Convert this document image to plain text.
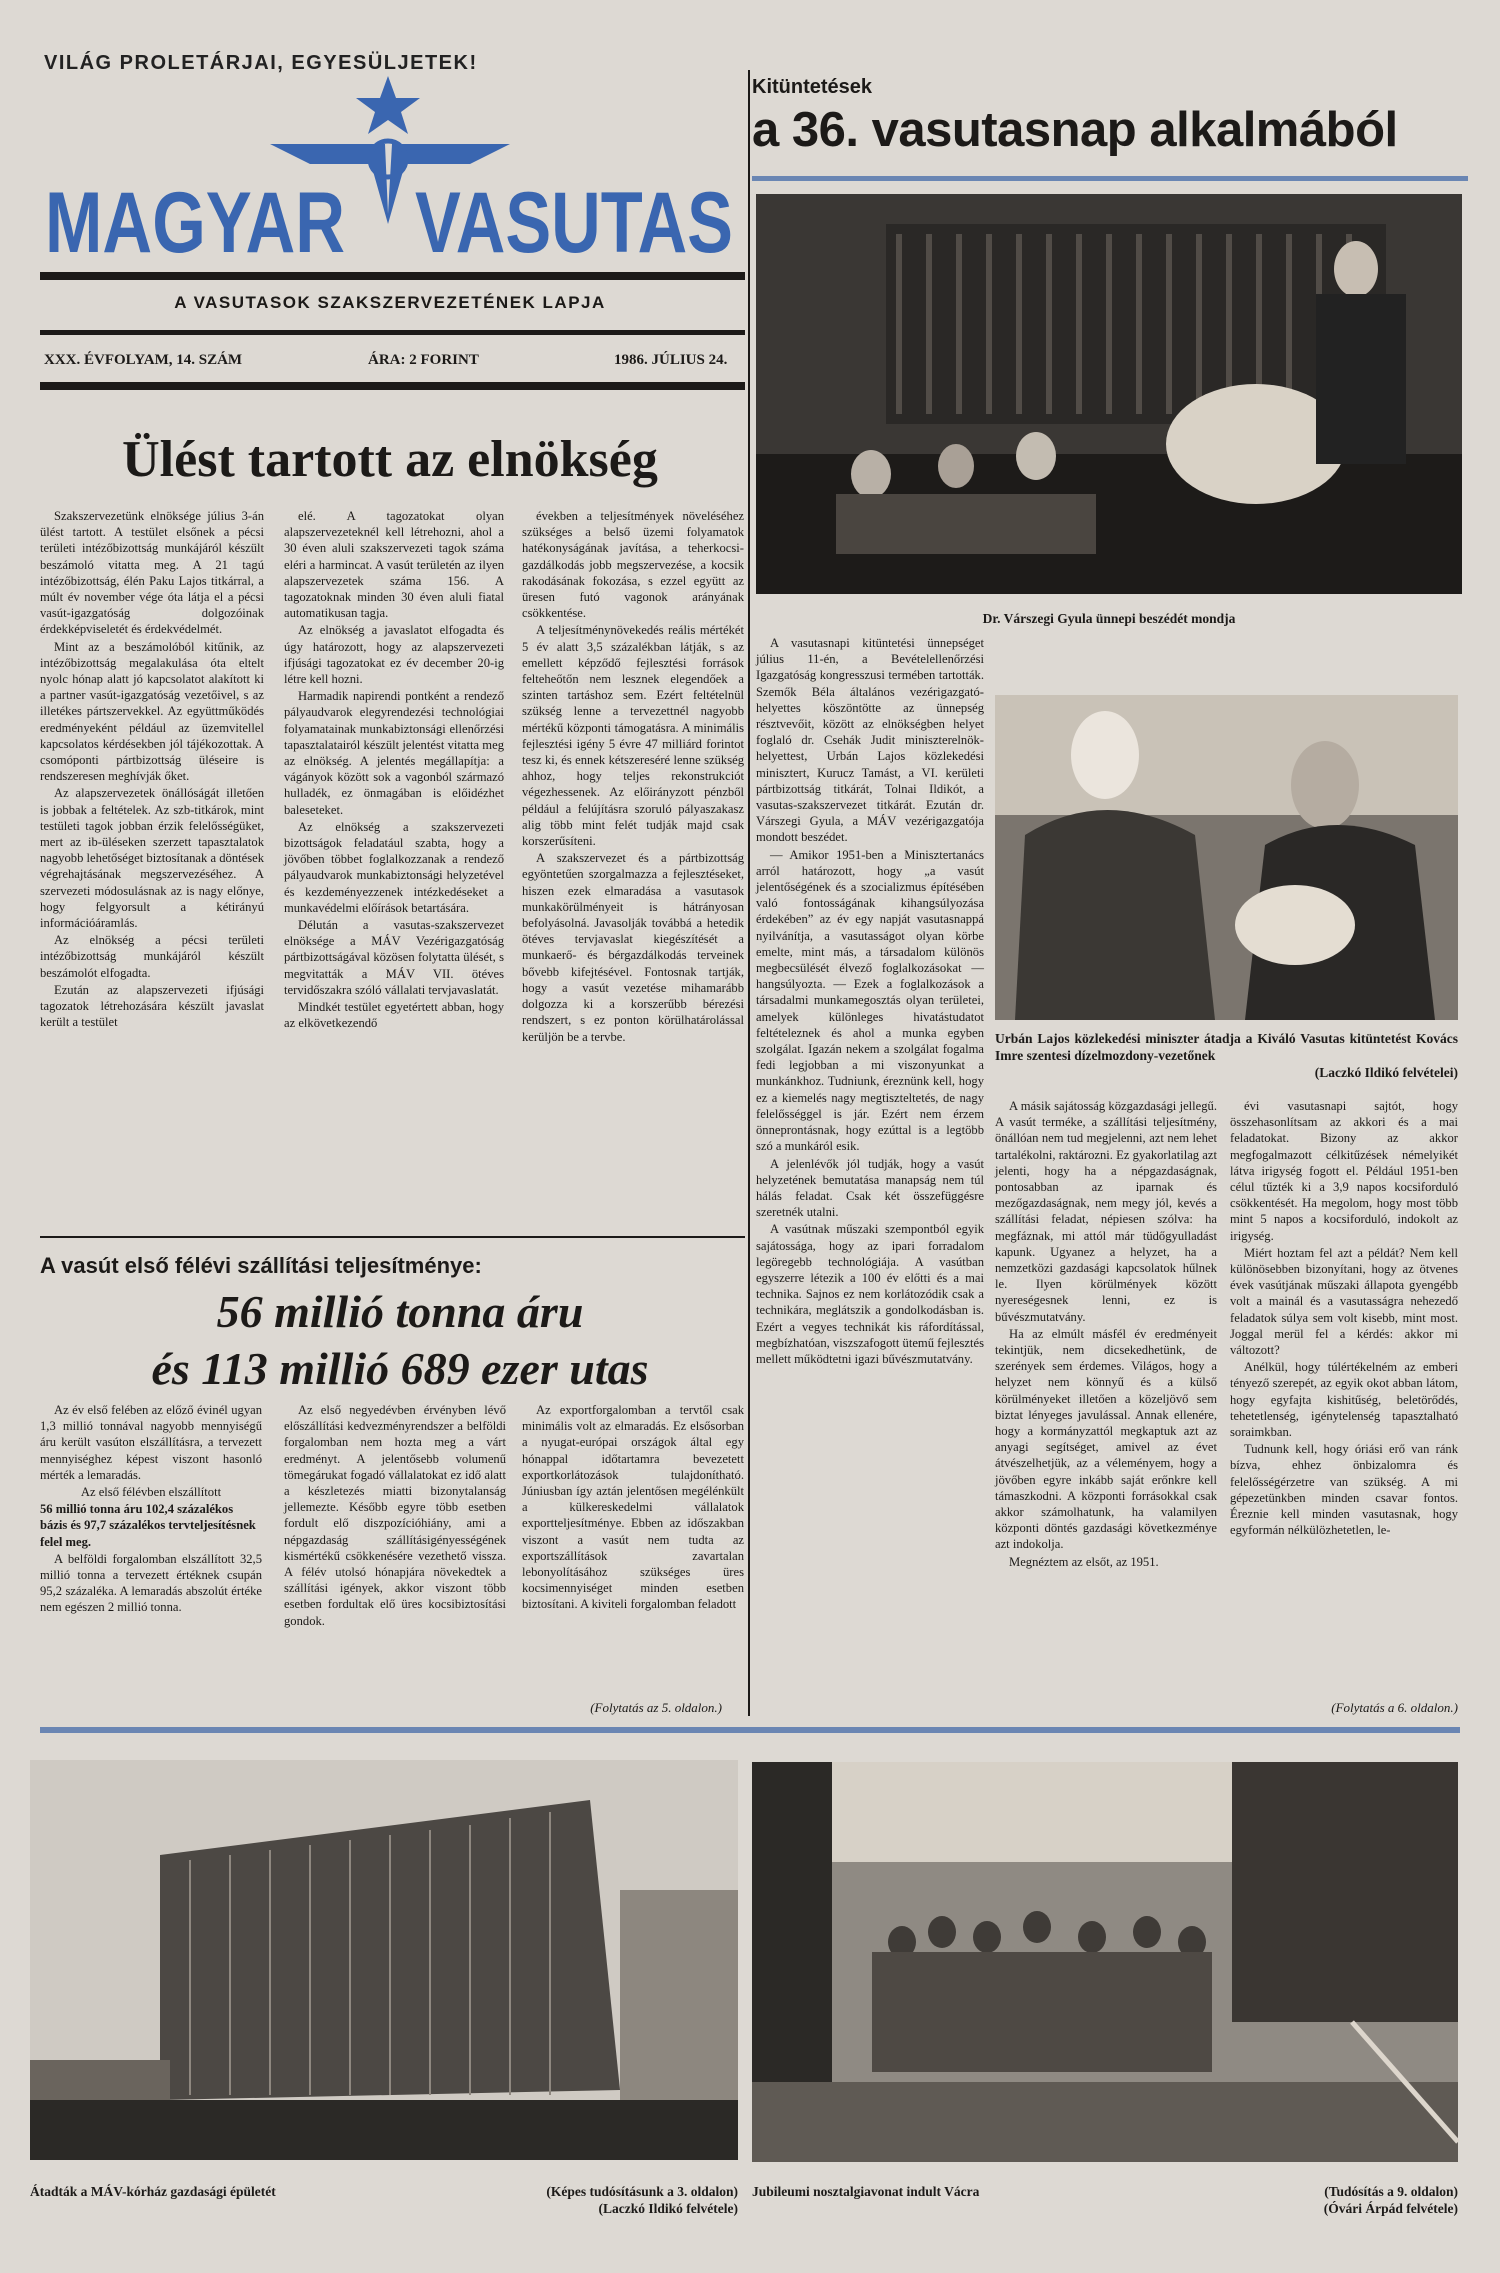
VILÁG PROLETÁRJAI, EGYESÜLJETEK!
MAGYAR VASUTAS
A VASUTASOK SZAKSZERVEZETÉNEK LAPJA
XXX. ÉVFOLYAM, 14. SZÁM	ÁRA: 2 FORINT	1986. JÚLIUS 24.
Ülést tartott az elnökség

Szakszervezetünk elnöksége július 3-án ülést tartott. A testület elsőnek a pécsi területi intézőbizottság munkájáról készült beszámoló vitatta meg. A 21 tagú intézőbizottság, élén Paku Lajos titkárral, a múlt év november vége óta látja el a pécsi vasút-igazgatóság dolgozóinak érdekképviseletét és érdekvédelmét.

Mint az a beszámolóból kitűnik, az intézőbizottság megalakulása óta eltelt nyolc hónap alatt jó kapcsolatot alakított ki a partner vasút-igazgatóság vezetőivel, s az illetékes pártszervekkel. Az együttműködés eredményeként például az üzemvitellel kapcsolatos kérdésekben jól tájékozottak. A csomóponti pártbizottság üléseire is rendszeresen meghívják őket.

Az alapszervezetek önállóságát illetően is jobbak a feltételek. Az szb-titkárok, mint testületi tagok jobban érzik felelősségüket, mert az ib-üléseken szerzett tapasztalatok nagyobb lehetőséget biztosítanak a döntések végrehajtásának megszervezéséhez. A szervezeti módosulásnak az is nagy előnye, hogy felgyorsult a kétirányú információáramlás.

Az elnökség a pécsi területi intézőbizottság munkájáról készült beszámolót elfogadta.

Ezután az alapszervezeti ifjúsági tagozatok létrehozására készült javaslat került a testület

elé. A tagozatokat olyan alapszervezeteknél kell létrehozni, ahol a 30 éven aluli szakszervezeti tagok száma eléri a harmincat. A vasút területén az ilyen alapszervezetek száma 156. A tagozatoknak minden 30 éven aluli fiatal automatikusan tagja.

Az elnökség a javaslatot elfogadta és úgy határozott, hogy az alapszervezeti ifjúsági tagozatokat ez év december 20-ig létre kell hozni.

Harmadik napirendi pontként a rendező pályaudvarok elegyrendezési technológiai folyamatainak munkabiztonsági ellenőrzési tapasztalatairól készült jelentést vitatta meg az elnökség. A jelentés megállapítja: a vágányok között sok a vagonból származó hulladék, ez önmagában is előidézhet baleseteket.

Az elnökség a szakszervezeti bizottságok feladatául szabta, hogy a jövőben többet foglalkozzanak a rendező pályaudvarok munkabiztonsági helyzetével és kezdeményezzenek intézkedéseket a munkavédelmi előírások betartására.

Délután a vasutas-szakszervezet elnöksége a MÁV Vezérigazgatóság pártbizottságával közösen folytatta ülését, s megvitatták a MÁV VII. ötéves tervidőszakra szóló vállalati tervjavaslatát.

Mindkét testület egyetértett abban, hogy az elkövetkezendő

években a teljesítmények növeléséhez szükséges a belső üzemi folyamatok hatékonyságának javítása, a teherkocsi-gazdálkodás jobb megszervezése, a kocsik rakodásának fokozása, s ezzel együtt az üresen futó vagonok arányának csökkentése.

A teljesítménynövekedés reális mértékét 5 év alatt 3,5 százalékban látják, s az emellett képződő fejlesztési források felteheőtőn nem lesznek elegendőek a szinten tartáshoz sem. Ezért feltételnül szükség lenne a tervezettnél nagyobb mértékű központi támogatásra. A minimális fejlesztési igény 5 évre 47 milliárd forintot tesz ki, és ennek kétszereséré lenne szükség ahhoz, hogy teljes rekonstrukciót végezhessenek. Az előirányzott pénzből például a felújításra szoruló pályaszakasz alig több mint felét tudják majd csak korszerűsíteni.

A szakszervezet és a pártbizottság egyöntetűen szorgalmazza a fejlesztéseket, hiszen ezek elmaradása a vasutasok munkakörülményeit is hátrányosan befolyásolná. Javasolják továbbá a hetedik ötéves tervjavaslat kiegészítését a munkaerő- és bérgazdálkodás terveinek bővebb kifejtésével. Fontosnak tartják, hogy a vasút vezetése mihamarább dolgozza ki a korszerűbb bérezési rendszert, s ez ponton körülhatárolással kerüljön be a tervbe.

Kitüntetések
a 36. vasutasnap alkalmából
Dr. Várszegi Gyula ünnepi beszédét mondja

A vasutasnapi kitüntetési ünnepséget július 11-én, a Bevételellenőrzési Igazgatóság kongresszusi termében tartották. Szemők Béla általános vezérigazgató-helyettes köszöntötte az ünnepség résztvevőit, között az elnökségben helyet foglaló dr. Csehák Judit miniszterelnök-helyettest, Urbán Lajos közlekedési minisztert, Kurucz Tamást, a VI. kerületi pártbizottság titkárát, Tolnai Ildikót, a vasutas-szakszervezet titkárát. Ezután dr. Várszegi Gyula, a MÁV vezérigazgatója mondott beszédet.

— Amikor 1951-ben a Minisztertanács arról határozott, hogy „a vasút jelentőségének és a szocializmus építésében való fontosságának kihangsúlyozása érdekében” az év egy napját vasutasnappá nyilvánítja, a vasutasságot olyan körbe emelte, mint más, a társadalom különös megbecsülését élvező foglalkozásokat — hangsúlyozta. — Ezek a foglalkozások a társadalmi munkamegosztás olyan területei, amelyek különleges hivatástudatot feltételeznek és ahol a munka egyben szolgálat. Igazán nekem a szolgálat fogalma fedi legjobban a mi viszonyunkat a munkánkhoz. Tudniunk, éreznünk kell, hogy ez a kiemelés nagy megtiszteltetés, de nagy felelősséggel is jár. Ezért nem érzem önneprontásnak, hogy ezúttal is a legtöbb szó a munkáról esik.

A jelenlévők jól tudják, hogy a vasút helyzetének bemutatása manapság nem túl hálás feladat. Csak két összefüggésre szeretnék utalni.

A vasútnak műszaki szempontból egyik sajátossága, hogy az ipari forradalom legöregebb technológiája. A vasútban egyszerre létezik a 100 év előtti és a mai technika. Sajnos ez nem korlátozódik csak a technikára, meglátszik a gondolkodásban is. Ezért a vegyes technikát kis ráfordítással, megbízhatóan, viszszafogott ütemű fejlesztés mellett működtetni igazi bűvészmutatvány.

Urbán Lajos közlekedési miniszter átadja a Kiváló Vasutas kitüntetést Kovács Imre szentesi dízelmozdony-vezetőnek
(Laczkó Ildikó felvételei)

A másik sajátosság közgazdasági jellegű. A vasút terméke, a szállítási teljesítmény, önállóan nem tud megjelenni, azt nem lehet tartalékolni, raktározni. Ez gyakorlatilag azt jelenti, hogy ha a népgazdaságnak, pontosabban az iparnak és mezőgazdaságnak, nem megy jól, kevés a szállítási feladat, népiesen szólva: ha megfáznak, mi attól már tüdőgyulladást kapunk. Ugyanez a helyzet, ha a nemzetközi gazdasági kapcsolatok hűlnek le. Ilyen körülmények között nyereségesnek lenni, ez is bűvészmutatvány.

Ha az elmúlt másfél év eredményeit tekintjük, nem dicsekedhetünk, de szerények sem érdemes. Világos, hogy a helyzet nem könnyű és a külső körülményeket illetően a közeljövő sem biztat lényeges javulással. Annak ellenére, hogy a kormányzattól megkaptuk azt az anyagi segítséget, amivel az évet átvészelhetjük, az a véleményem, hogy a jövőben egyre inkább saját erőnkre kell támaszkodni. A központi forrásokkal csak akkor számolhatunk, ha valamilyen központi döntés gazdasági következménye azt indokolja.

Megnéztem az elsőt, az 1951.

évi vasutasnapi sajtót, hogy összehasonlítsam az akkori és a mai feladatokat. Bizony az akkor megfogalmazott célkitűzések némelyikét látva irigység fogott el. Például 1951-ben célul tűzték ki a 3,9 napos kocsiforduló csökkentését. Ha megolom, hogy most több mint 5 napos a kocsiforduló, indokolt az irigység.

Miért hoztam fel azt a példát? Nem kell különösebben bizonyítani, hogy az ötvenes évek vasútjának műszaki állapota gyengébb volt a mainál és a vasutasságra nehezedő feladatok súlya sem volt kisebb, mint most. Joggal merül fel a kérdés: akkor mi változott?

Anélkül, hogy túlértékelném az emberi tényező szerepét, az egyik okot abban látom, hogy egyfajta kishitűség, beletörődés, tehetetlenség, igénytelenség tapasztalható soraimkban.

Tudnunk kell, hogy óriási erő van ránk bízva, ehhez önbizalomra és felelősségérzetre van szükség. A mi gépezetünkben minden csavar fontos. Éreznie kell minden vasutasnak, hogy egyformán nélkülözhetetlen, le-

(Folytatás a 6. oldalon.)
A vasút első félévi szállítási teljesítménye:
56 millió tonna áru
és 113 millió 689 ezer utas

Az év első felében az előző évinél ugyan 1,3 millió tonnával nagyobb mennyiségű áru került vasúton elszállításra, a tervezett mennyiséghez képest viszont hasonló mérték a lemaradás.

Az első félévben elszállított

56 millió tonna áru 102,4 százalékos bázis és 97,7 százalékos tervteljesítésnek felel meg.

A belföldi forgalomban elszállított 32,5 millió tonna a tervezett értéknek csupán 95,2 százaléka. A lemaradás abszolút értéke nem egészen 2 millió tonna.

Az első negyedévben érvényben lévő előszállítási kedvezményrendszer a belföldi forgalomban nem hozta meg a várt eredményt. A jelentősebb volumenű tömegárukat fogadó vállalatokat ez idő alatt a készletezés miatti bizonytalanság jellemezte. Később egyre több esetben fordult elő diszpozícióhiány, ami a népgazdaság szállításigényességének kismértékű csökkenésére vezethető vissza. A félév utolsó hónapjára növekedtek a szállítási igények, akkor viszont több esetben fordultak elő üres kocsibiztosítási gondok.

Az exportforgalomban a tervtől csak minimális volt az elmaradás. Ez elsősorban a nyugat-európai országok által egy hónappal időtartamra bevezetett exportkorlátozások tulajdonítható. Júniusban így aztán jelentősen megélénkült a külkereskedelmi vállalatok exportteljesítménye. Ebben az időszakban viszont a vasút nem tudta az exportszállítások zavartalan lebonyolításához szükséges üres kocsimennyiséget minden esetben biztosítani. A kiviteli forgalomban feladott

(Folytatás az 5. oldalon.)
Átadták a MÁV-kórház gazdasági épületét	(Képes tudósításunk a 3. oldalon)
(Laczkó Ildikó felvétele)
Jubileumi nosztalgiavonat indult Vácra	(Tudósítás a 9. oldalon)
(Óvári Árpád felvétele)
